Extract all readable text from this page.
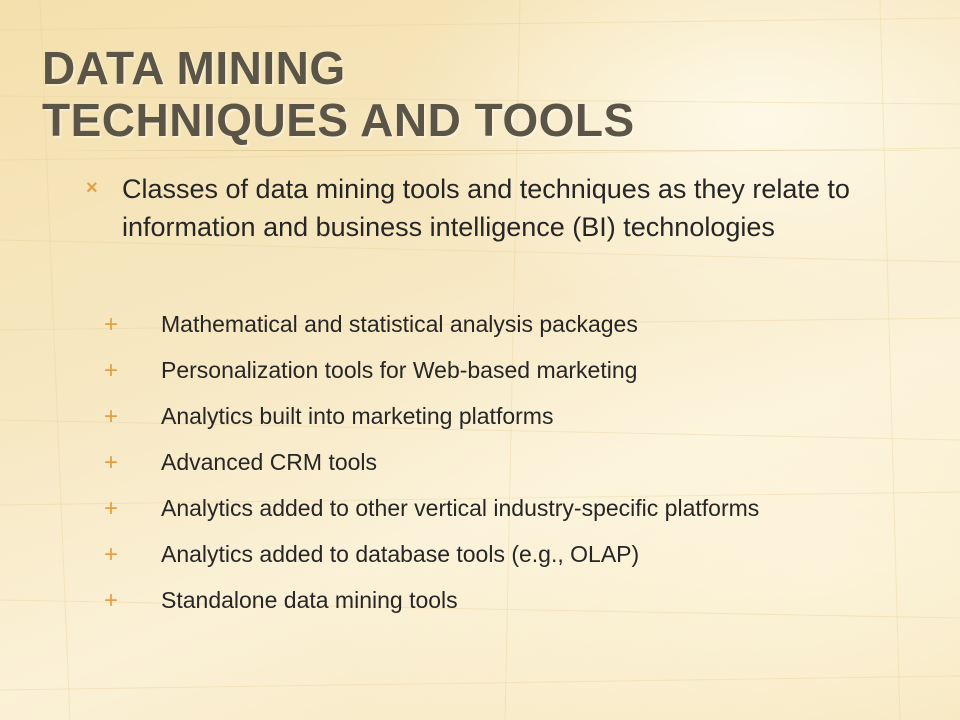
DATA MINING
TECHNIQUES AND TOOLS
× Classes of data mining tools and techniques as they relate to information and business intelligence (BI) technologies
+ Mathematical and statistical analysis packages
+ Personalization tools for Web-based marketing
+ Analytics built into marketing platforms
+ Advanced CRM tools
+ Analytics added to other vertical industry-specific platforms
+ Analytics added to database tools (e.g., OLAP)
+ Standalone data mining tools
